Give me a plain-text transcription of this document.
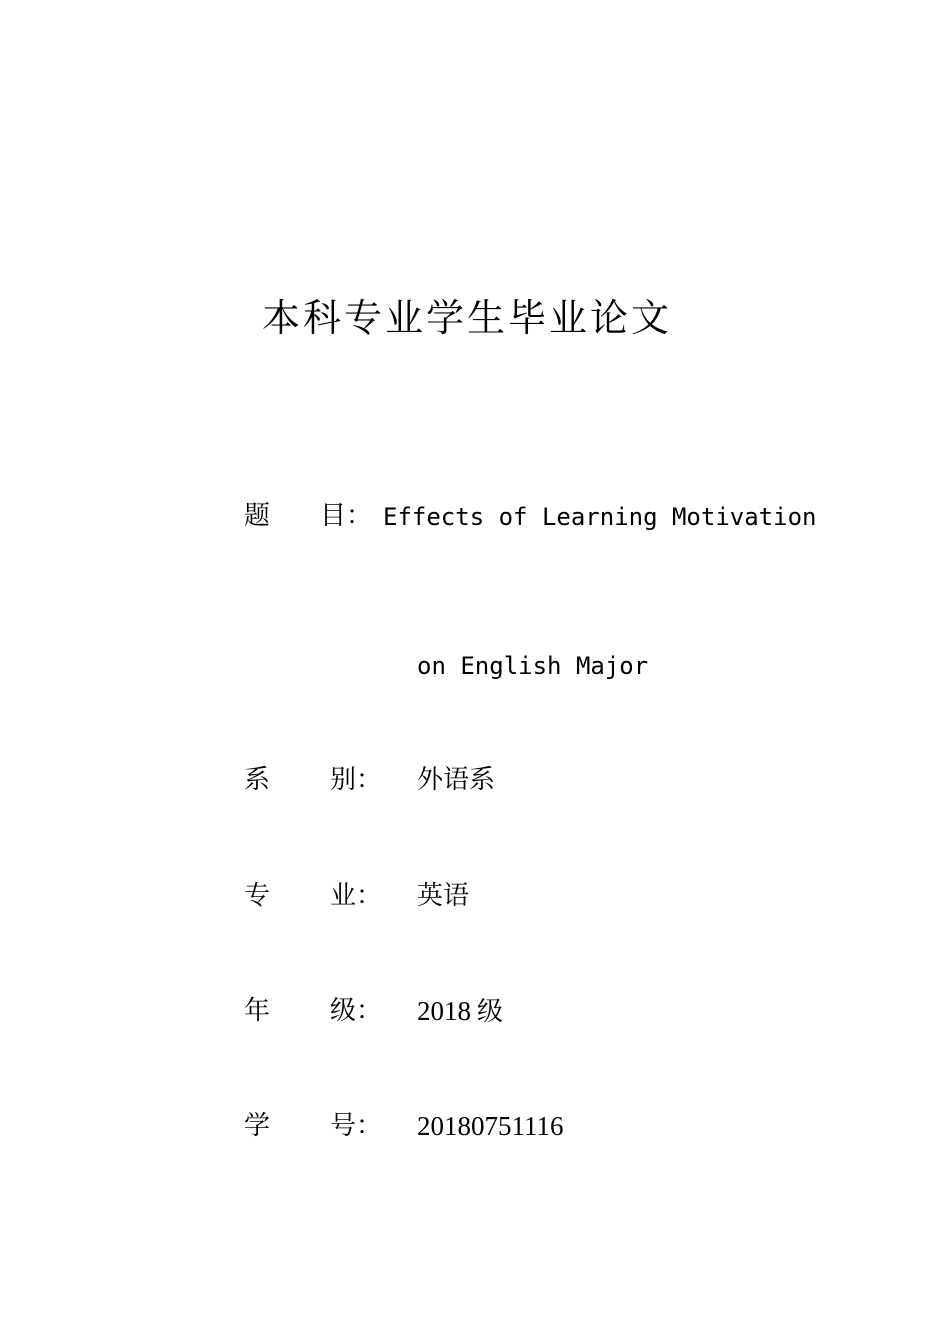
本科专业学生毕业论文
题 目： Effects of Learning Motivation
on English Major
系 别： 外语系
专 业： 英语
年 级： 2018 级
学 号： 20180751116
